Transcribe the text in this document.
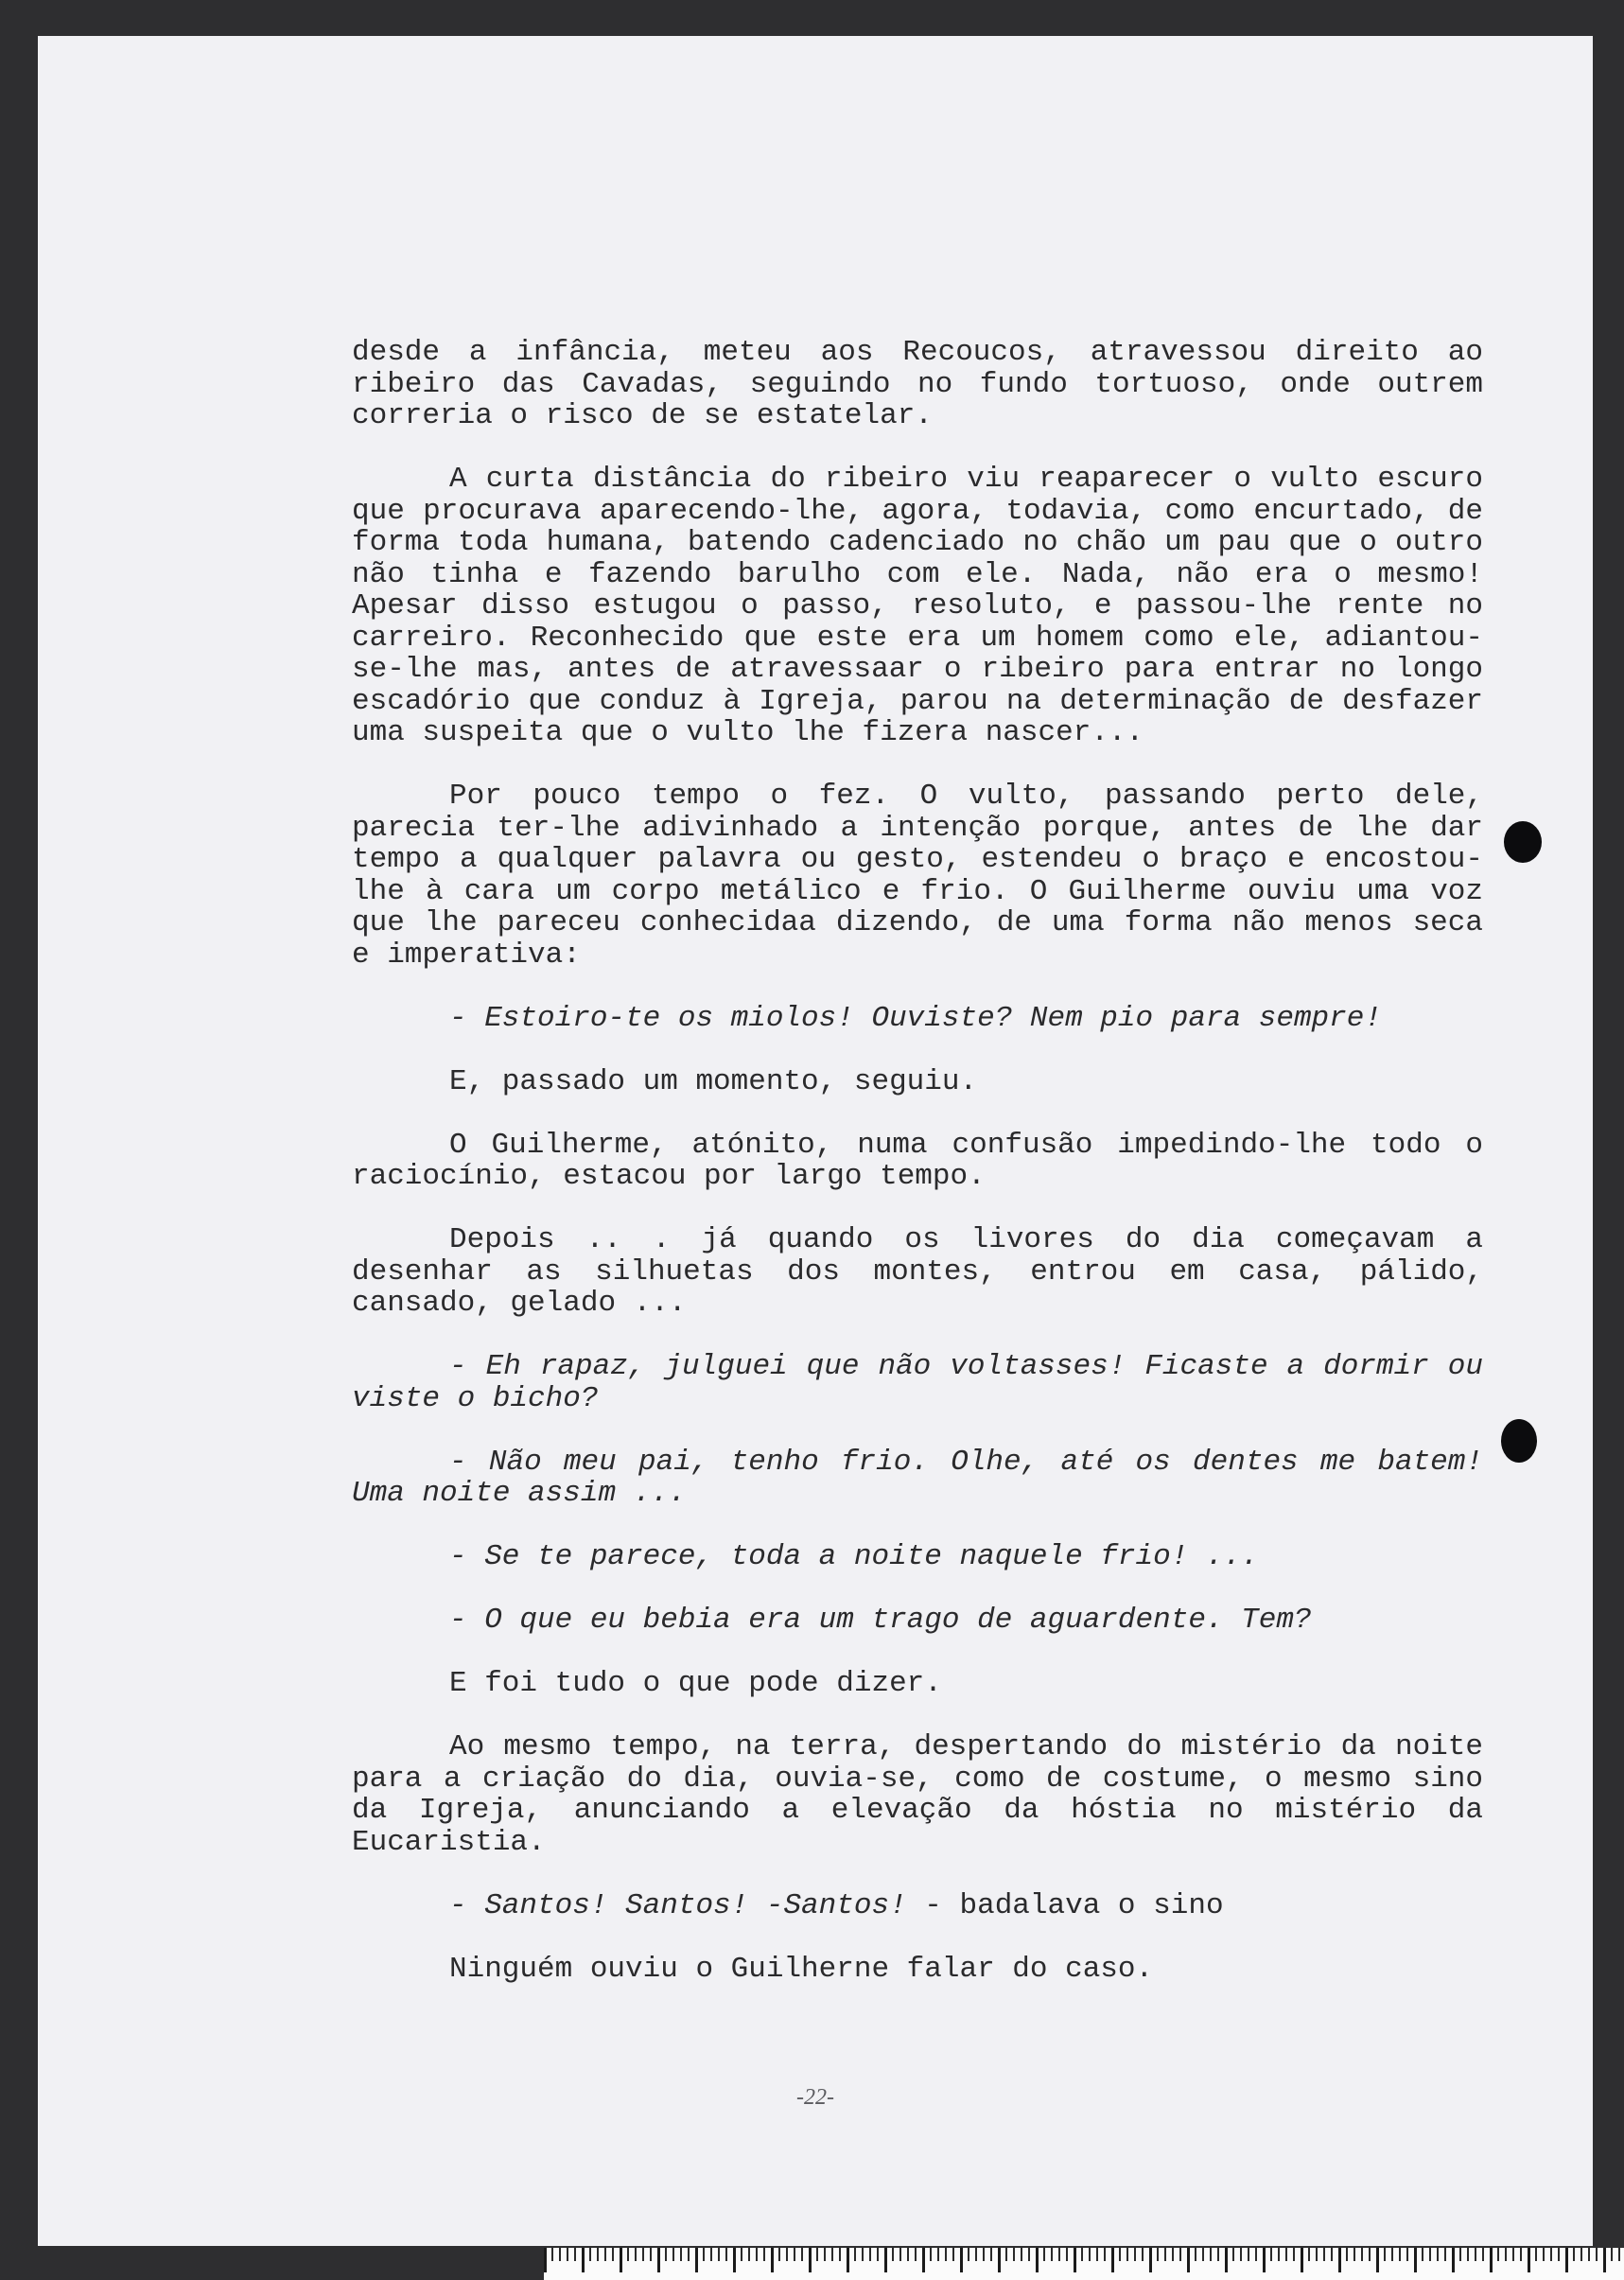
desde a infância, meteu aos Recoucos, atravessou direito ao ribeiro das Cavadas, seguindo no fundo tortuoso, onde outrem correria o risco de se estatelar.

A curta distância do ribeiro viu reaparecer o vulto escuro que procurava aparecendo-lhe, agora, todavia, como encurtado, de forma toda humana, batendo cadenciado no chão um pau que o outro não tinha e fazendo barulho com ele. Nada, não era o mesmo! Apesar disso estugou o passo, resoluto, e passou-lhe rente no carreiro. Reconhecido que este era um homem como ele, adiantou-se-lhe mas, antes de atravessaar o ribeiro para entrar no longo escadório que conduz à Igreja, parou na determinação de desfazer uma suspeita que o vulto lhe fizera nascer...

Por pouco tempo o fez. O vulto, passando perto dele, parecia ter-lhe adivinhado a intenção porque, antes de lhe dar tempo a qualquer palavra ou gesto, estendeu o braço e encostou-lhe à cara um corpo metálico e frio. O Guilherme ouviu uma voz que lhe pareceu conhecidaa dizendo, de uma forma não menos seca e imperativa:

- Estoiro-te os miolos! Ouviste? Nem pio para sempre!

E, passado um momento, seguiu.

O Guilherme, atónito, numa confusão impedindo-lhe todo o raciocínio, estacou por largo tempo.

Depois .. . já quando os livores do dia começavam a desenhar as silhuetas dos montes, entrou em casa, pálido, cansado, gelado ...

- Eh rapaz, julguei que não voltasses! Ficaste a dormir ou viste o bicho?

- Não meu pai, tenho frio. Olhe, até os dentes me batem! Uma noite assim ...

- Se te parece, toda a noite naquele frio! ...

- O que eu bebia era um trago de aguardente. Tem?

E foi tudo o que pode dizer.

Ao mesmo tempo, na terra, despertando do mistério da noite para a criação do dia, ouvia-se, como de costume, o mesmo sino da Igreja, anunciando a elevação da hóstia no mistério da Eucaristia.

- Santos! Santos! -Santos! - badalava o sino

Ninguém ouviu o Guilherne falar do caso.

-22-
